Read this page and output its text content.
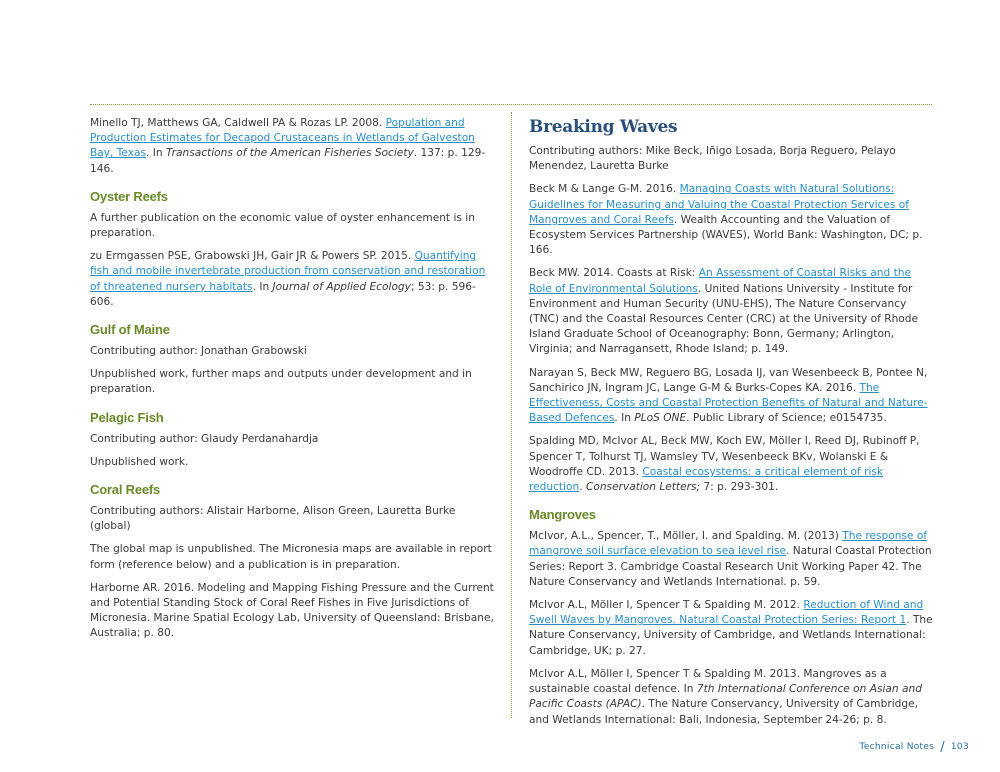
Minello TJ, Matthews GA, Caldwell PA & Rozas LP. 2008. Population and Production Estimates for Decapod Crustaceans in Wetlands of Galveston Bay, Texas. In Transactions of the American Fisheries Society. 137: p. 129-146.

Oyster Reefs

A further publication on the economic value of oyster enhancement is in preparation.

zu Ermgassen PSE, Grabowski JH, Gair JR & Powers SP. 2015. Quantifying fish and mobile invertebrate production from conservation and restoration of threatened nursery habitats. In Journal of Applied Ecology; 53: p. 596-606.

Gulf of Maine

Contributing author: Jonathan Grabowski

Unpublished work, further maps and outputs under development and in preparation.

Pelagic Fish

Contributing author: Glaudy Perdanahardja

Unpublished work.

Coral Reefs

Contributing authors: Alistair Harborne, Alison Green, Lauretta Burke (global)

The global map is unpublished. The Micronesia maps are available in report form (reference below) and a publication is in preparation.

Harborne AR. 2016. Modeling and Mapping Fishing Pressure and the Current and Potential Standing Stock of Coral Reef Fishes in Five Jurisdictions of Micronesia. Marine Spatial Ecology Lab, University of Queensland: Brisbane, Australia; p. 80.

Breaking Waves

Contributing authors: Mike Beck, Iñigo Losada, Borja Reguero, Pelayo Menendez, Lauretta Burke

Beck M & Lange G-M. 2016. Managing Coasts with Natural Solutions: Guidelines for Measuring and Valuing the Coastal Protection Services of Mangroves and Coral Reefs. Wealth Accounting and the Valuation of Ecosystem Services Partnership (WAVES), World Bank: Washington, DC; p. 166.

Beck MW. 2014. Coasts at Risk: An Assessment of Coastal Risks and the Role of Environmental Solutions. United Nations University - Institute for Environment and Human Security (UNU-EHS), The Nature Conservancy (TNC) and the Coastal Resources Center (CRC) at the University of Rhode Island Graduate School of Oceanography: Bonn, Germany; Arlington, Virginia; and Narragansett, Rhode Island; p. 149.

Narayan S, Beck MW, Reguero BG, Losada IJ, van Wesenbeeck B, Pontee N, Sanchirico JN, Ingram JC, Lange G-M & Burks-Copes KA. 2016. The Effectiveness, Costs and Coastal Protection Benefits of Natural and Nature-Based Defences. In PLoS ONE. Public Library of Science; e0154735.

Spalding MD, McIvor AL, Beck MW, Koch EW, Möller I, Reed DJ, Rubinoff P, Spencer T, Tolhurst TJ, Wamsley TV, Wesenbeeck BKv, Wolanski E & Woodroffe CD. 2013. Coastal ecosystems: a critical element of risk reduction. Conservation Letters; 7: p. 293-301.

Mangroves

McIvor, A.L., Spencer, T., Möller, I. and Spalding. M. (2013) The response of mangrove soil surface elevation to sea level rise. Natural Coastal Protection Series: Report 3. Cambridge Coastal Research Unit Working Paper 42. The Nature Conservancy and Wetlands International. p. 59.

McIvor A.L, Möller I, Spencer T & Spalding M. 2012. Reduction of Wind and Swell Waves by Mangroves. Natural Coastal Protection Series: Report 1. The Nature Conservancy, University of Cambridge, and Wetlands International: Cambridge, UK; p. 27.

McIvor A.L, Möller I, Spencer T & Spalding M. 2013. Mangroves as a sustainable coastal defence. In 7th International Conference on Asian and Pacific Coasts (APAC). The Nature Conservancy, University of Cambridge, and Wetlands International: Bali, Indonesia, September 24-26; p. 8.

Technical Notes / 103
